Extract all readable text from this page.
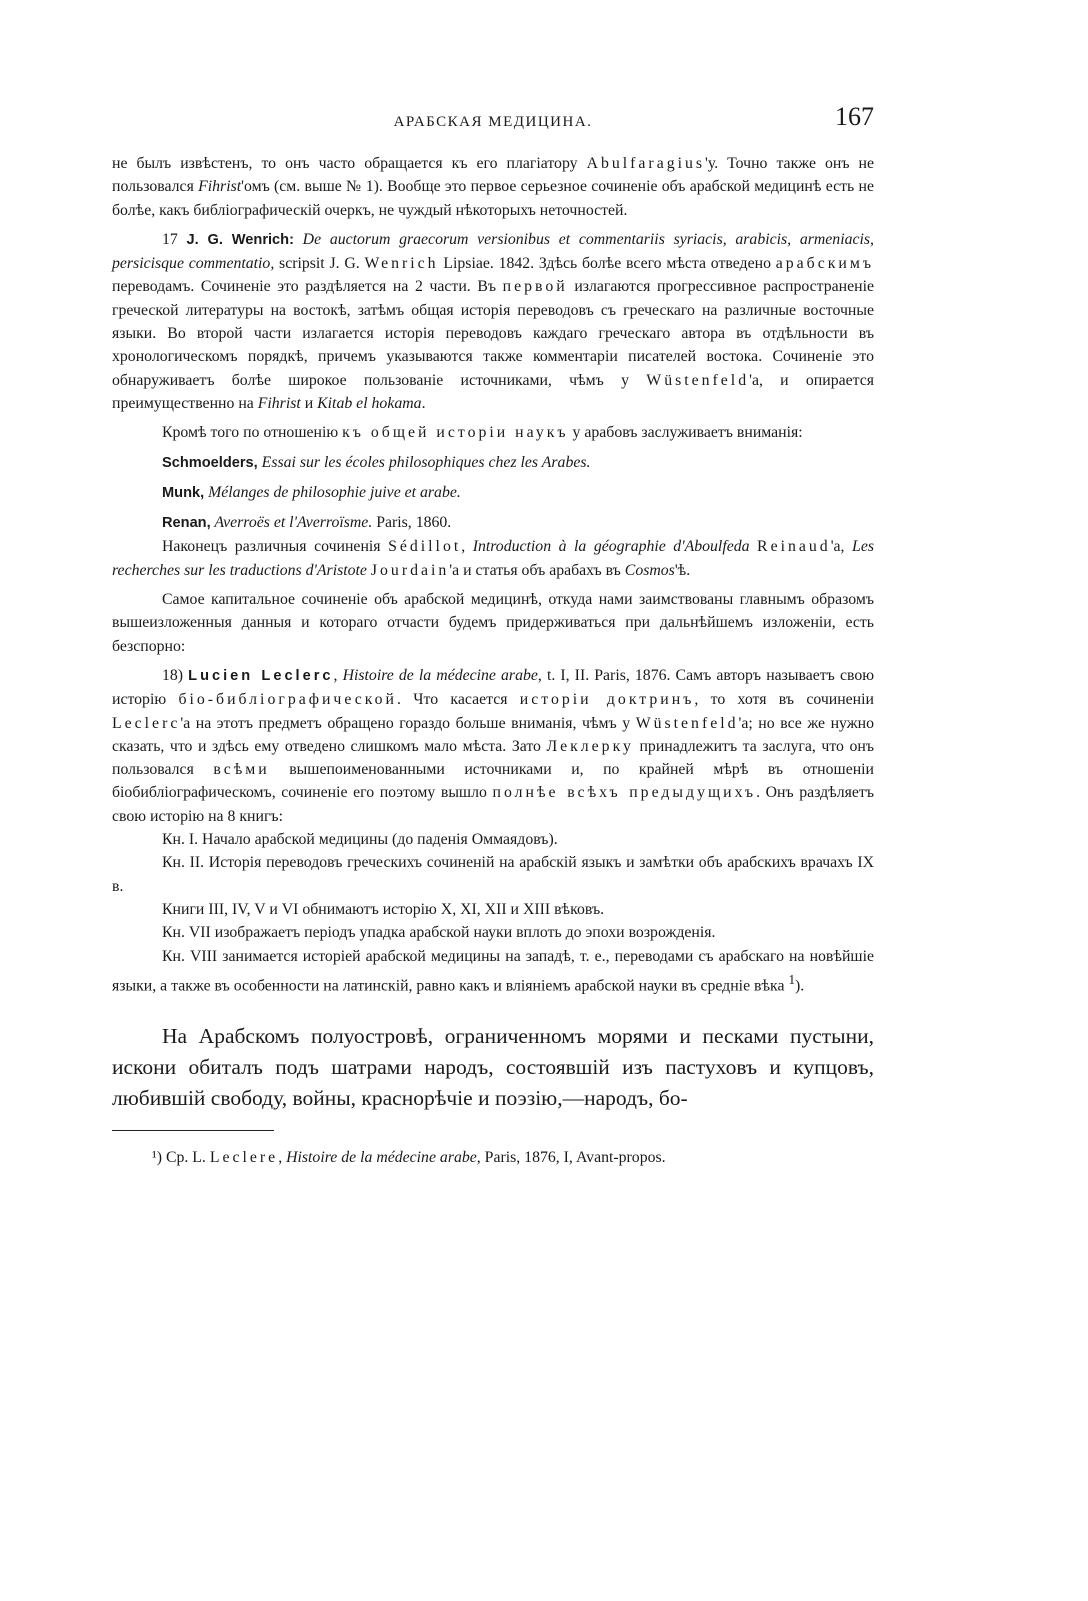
АРАБСКАЯ МЕДИЦИНА.	167

не былъ извѣстенъ, то онъ часто обращается къ его плагіатору Abulfaragius'у. Точно также онъ не пользовался Fihrist'омъ (см. выше № 1). Вообще это первое серьезное сочиненіе объ арабской медицинѣ есть не болѣе, какъ библіографическій очеркъ, не чуждый нѣкоторыхъ неточностей.

17 J. G. Wenrich: De auctorum graecorum versionibus et commentariis syriacis, arabicis, armeniacis, persicisque commentatio, scripsit J. G. Wenrich Lipsiae. 1842. Здѣсь болѣе всего мѣста отведено арабскимъ переводамъ. Сочиненіе это раздѣляется на 2 части. Въ первой излагаются прогрессивное распространеніе греческой литературы на востокѣ, затѣмъ общая исторія переводовъ съ греческаго на различные восточные языки. Во второй части излагается исторія переводовъ каждаго греческаго автора въ отдѣльности въ хронологическомъ порядкѣ, причемъ указываются также комментаріи писателей востока. Сочиненіе это обнаруживаетъ болѣе широкое пользованіе источниками, чѣмъ у Wüstenfeld'а, и опирается преимущественно на Fihrist и Kitab el hokama.

Кромѣ того по отношенію къ общей исторіи наукъ у арабовъ заслуживаетъ вниманія:

Schmoelders, Essai sur les écoles philosophiques chez les Arabes.

Munk, Mélanges de philosophie juive et arabe.

Renan, Averroës et l'Averroïsme. Paris, 1860.

Наконецъ различныя сочиненія Sédillot, Introduction à la géographie d'Aboulfeda Reinaud'а, Les recherches sur les traductions d'Aristote Jourdain'а и статья объ арабахъ въ Cosmos'ѣ.

Самое капитальное сочиненіе объ арабской медицинѣ, откуда нами заимствованы главнымъ образомъ вышеизложенныя данныя и котораго отчасти будемъ придерживаться при дальнѣйшемъ изложеніи, есть безспорно:

18) Lucien Leclerc, Histoire de la médecine arabe, t. I, II. Paris, 1876. Самъ авторъ называетъ свою исторію біо-библіографической. Что касается исторіи доктринъ, то хотя въ сочиненіи Leclerc'a на этотъ предметъ обращено гораздо больше вниманія, чѣмъ у Wüstenfeld'а; но все же нужно сказать, что и здѣсь ему отведено слишкомъ мало мѣста. Зато Леклерку принадлежитъ та заслуга, что онъ пользовался всѣми вышепоименованными источниками и, по крайней мѣрѣ въ отношеніи біобиблiографическомъ, сочиненіе его поэтому вышло полнѣе всѣхъ предыдущихъ. Онъ раздѣляетъ свою исторію на 8 книгъ:

Кн. I. Начало арабской медицины (до паденія Оммаядовъ).

Кн. II. Исторія переводовъ греческихъ сочиненій на арабскій языкъ и замѣтки объ арабскихъ врачахъ IX в.

Книги III, IV, V и VI обнимаютъ исторію X, XI, XII и XIII вѣковъ.

Кн. VII изображаетъ періодъ упадка арабской науки вплоть до эпохи возрожденія.

Кн. VIII занимается исторіей арабской медицины на западѣ, т. е., переводами съ арабскаго на новѣйшіе языки, а также въ особенности на латинскій, равно какъ и вліяніемъ арабской науки въ средніе вѣка $^1$).

На Арабскомъ полуостровѣ, ограниченномъ морями и песками пустыни, искони обиталъ подъ шатрами народъ, состоявшій изъ пастуховъ и купцовъ, любившій свободу, войны, краснорѣчіе и поэзію,—народъ, бо-

¹) Ср. L. Leclere, Histoire de la médecine arabe, Paris, 1876, I, Avant-propos.
